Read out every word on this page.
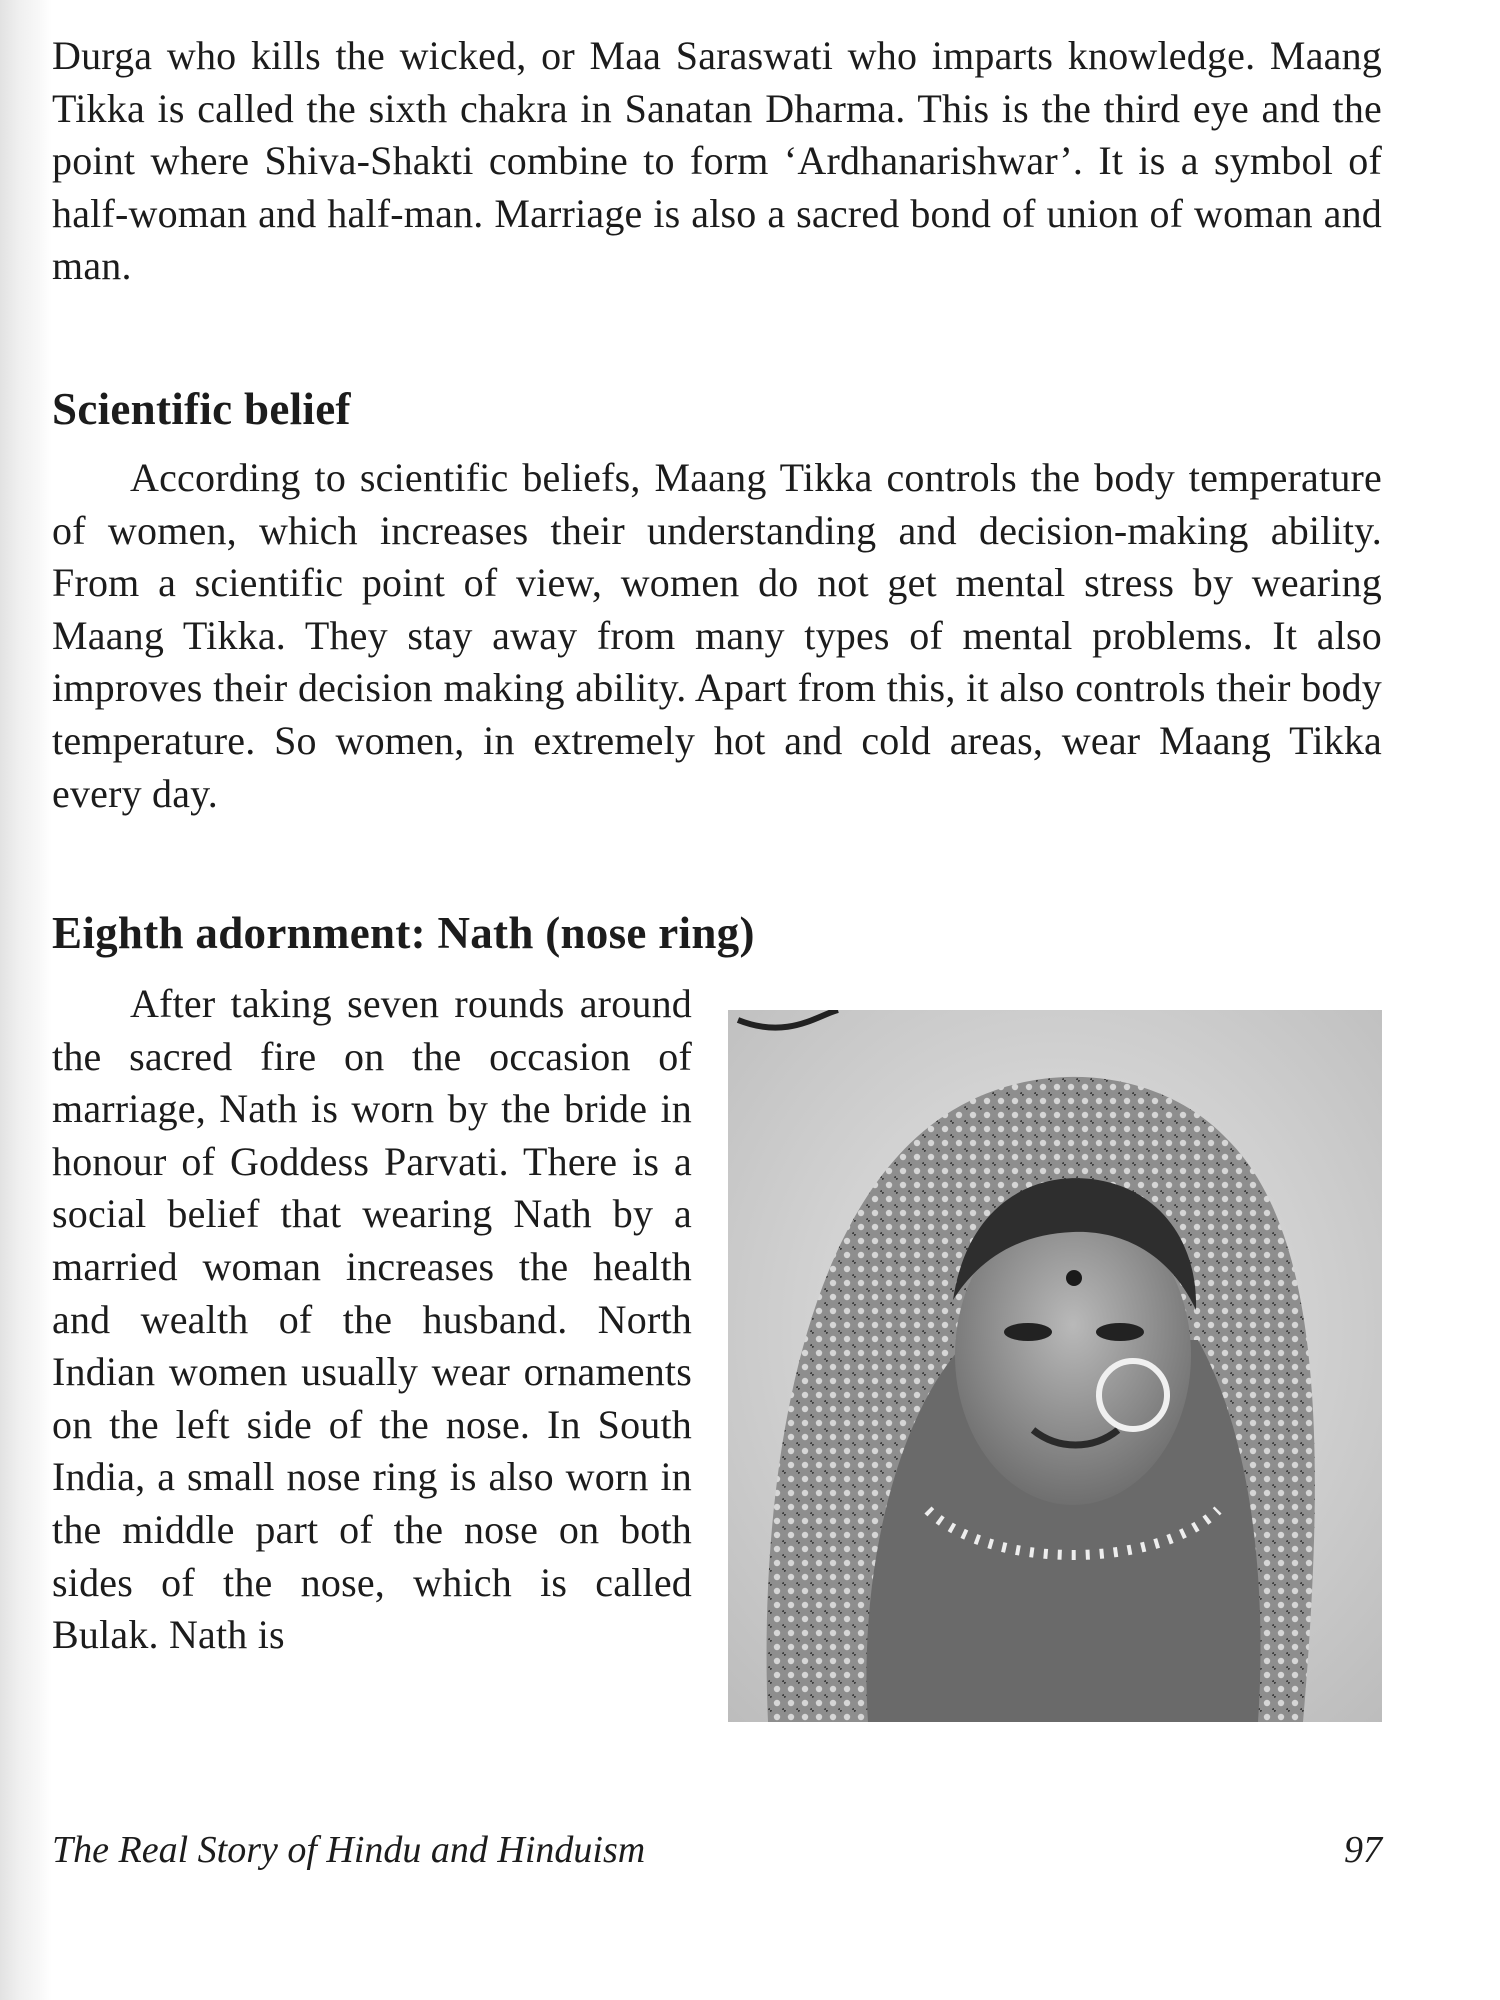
Durga who kills the wicked, or Maa Saraswati who imparts knowledge. Maang Tikka is called the sixth chakra in Sanatan Dharma. This is the third eye and the point where Shiva-Shakti combine to form ‘Ardhanarishwar’. It is a symbol of half-woman and half-man. Marriage is also a sacred bond of union of woman and man.

Scientific belief

According to scientific beliefs, Maang Tikka controls the body temperature of women, which increases their understanding and decision-making ability. From a scientific point of view, women do not get mental stress by wearing Maang Tikka. They stay away from many types of mental problems. It also improves their decision making ability. Apart from this, it also controls their body temperature. So women, in extremely hot and cold areas, wear Maang Tikka every day.

Eighth adornment: Nath (nose ring)

After taking seven rounds around the sacred fire on the occasion of marriage, Nath is worn by the bride in honour of Goddess Parvati. There is a social belief that wearing Nath by a married woman increases the health and wealth of the husband. North Indian women usually wear ornaments on the left side of the nose. In South India, a small nose ring is also worn in the middle part of the nose on both sides of the nose, which is called Bulak. Nath is

The Real Story of Hindu and Hinduism	97
